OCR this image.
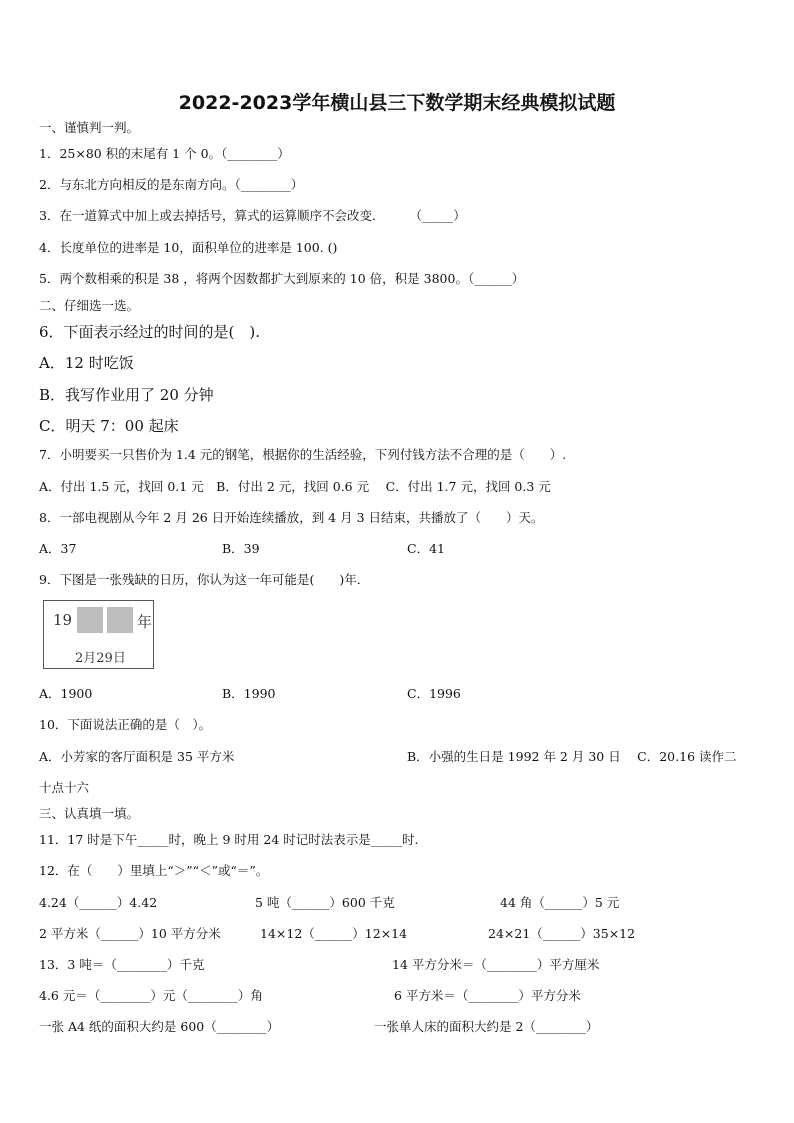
2022-2023学年横山县三下数学期末经典模拟试题
一、谨慎判一判。
1．25×80 积的末尾有 1 个 0。（________）
2．与东北方向相反的是东南方向。（________）
3．在一道算式中加上或去掉括号，算式的运算顺序不会改变．　　　（_____）
4．长度单位的进率是 10，面积单位的进率是 100. ()
5．两个数相乘的积是 38 ，将两个因数都扩大到原来的 10 倍，积是 3800。（______）
二、仔细选一选。
6．下面表示经过的时间的是(　).
A．12 时吃饭
B．我写作业用了 20 分钟
C．明天 7：00 起床
7．小明要买一只售价为 1.4 元的钢笔，根据你的生活经验，下列付钱方法不合理的是（　　）.
A．付出 1.5 元，找回 0.1 元　B．付出 2 元，找回 0.6 元　 C．付出 1.7 元，找回 0.3 元
8．一部电视剧从今年 2 月 26 日开始连续播放，到 4 月 3 日结束，共播放了（　　）天。
A．37	B．39	C．41
9．下图是一张残缺的日历，你认为这一年可能是(　　)年．
19	年
2月29日
A．1900	B．1990	C．1996
10．下面说法正确的是（　）。
A．小芳家的客厅面积是 35 平方米	B．小强的生日是 1992 年 2 月 30 日　 C．20.16 读作二
十点十六
三、认真填一填。
11．17 时是下午_____时，晚上 9 时用 24 时记时法表示是_____时.
12．在（　　）里填上“＞”“＜”或“＝”。
4.24（______）4.42	5 吨（______）600 千克	44 角（______）5 元
2 平方米（______）10 平方分米	14×12（______）12×14	24×21（______）35×12
13．3 吨＝（________）千克	14 平方分米＝（________）平方厘米
4.6 元＝（________）元（________）角	6 平方米＝（________）平方分米
一张 A4 纸的面积大约是 600（________）	一张单人床的面积大约是 2（________）
